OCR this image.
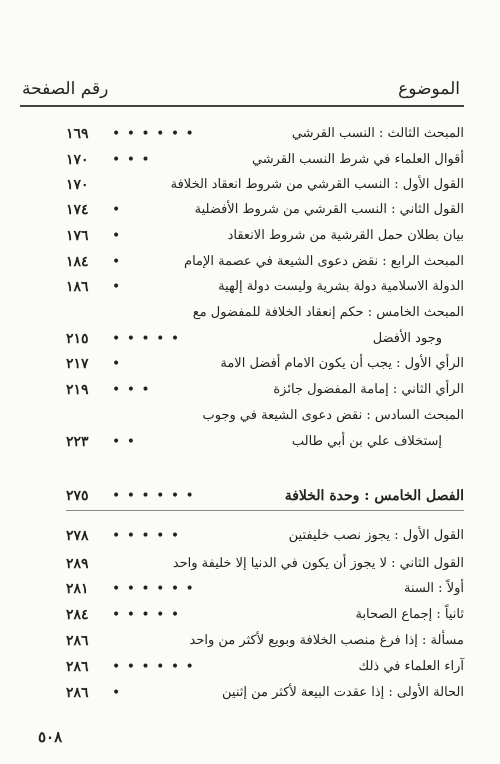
رقم الصفحة	الموضوع
١٦٩	• • • • • •	المبحث الثالث : النسب القرشي
١٧٠	• • •	أقوال العلماء في شرط النسب القرشي
١٧٠	القول الأول : النسب القرشي من شروط انعقاد الخلافة
١٧٤	•	القول الثاني : النسب القرشي من شروط الأفضلية
١٧٦	•	بيان بطلان حمل القرشية من شروط الانعقاد
١٨٤	•	المبحث الرابع : نقض دعوى الشيعة في عصمة الإمام
١٨٦	•	الدولة الاسلامية دولة بشرية وليست دولة إلهية
المبحث الخامس : حكم إنعقاد الخلافة للمفضول مع
٢١٥	• • • • •	وجود الأفضل
٢١٧	•	الرأي الأول : يجب أن يكون الامام أفضل الامة
٢١٩	• • •	الرأي الثاني : إمامة المفضول جائزة
المبحث السادس : نقض دعوى الشيعة في وجوب
٢٢٣	• •	إستخلاف علي بن أبي طالب
٢٧٥	• • • • • •	الفصل الخامس : وحدة الخلافة
٢٧٨	• • • • •	القول الأول : يجوز نصب خليفتين
٢٨٩	القول الثاني : لا يجوز أن يكون في الدنيا إلا خليفة واحد
٢٨١	• • • • • •	أولاً : السنة
٢٨٤	• • • • •	ثانياً : إجماع الصحابة
٢٨٦	مسألة : إذا فرغ منصب الخلافة وبويع لأكثر من واحد
٢٨٦	• • • • • •	آراء العلماء في ذلك
٢٨٦	•	الحالة الأولى : إذا عقدت البيعة لأكثر من إثنين
٥٠٨
